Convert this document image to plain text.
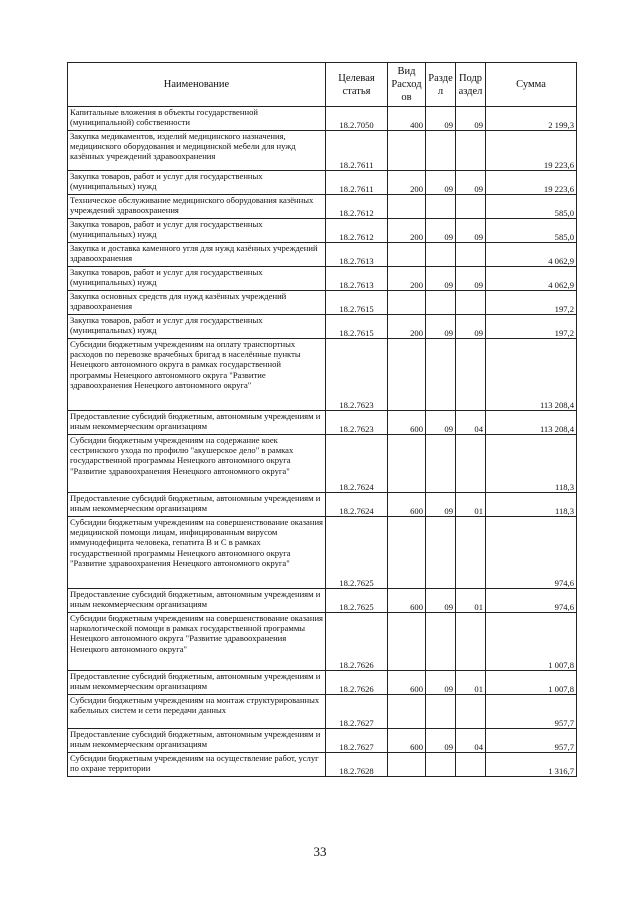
Наименование	Целевая статья	Вид Расход ов	Разде л	Подр аздел	Сумма
Капитальные вложения в объекты государственной (муниципальной) собственности	18.2.7050	400	09	09	2 199,3
Закупка медикаментов, изделий медицинского назначения, медицинского оборудования и медицинской мебели для нужд казённых учреждений здравоохранения	18.2.7611				19 223,6
Закупка товаров, работ и услуг для государственных (муниципальных) нужд	18.2.7611	200	09	09	19 223,6
Техническое обслуживание медицинского оборудования казённых учреждений здравоохранения	18.2.7612				585,0
Закупка товаров, работ и услуг для государственных (муниципальных) нужд	18.2.7612	200	09	09	585,0
Закупка и доставка каменного угля для нужд казённых учреждений здравоохранения	18.2.7613				4 062,9
Закупка товаров, работ и услуг для государственных (муниципальных) нужд	18.2.7613	200	09	09	4 062,9
Закупка основных средств для нужд казённых учреждений здравоохранения	18.2.7615				197,2
Закупка товаров, работ и услуг для государственных (муниципальных) нужд	18.2.7615	200	09	09	197,2
Субсидии бюджетным учреждениям на оплату транспортных расходов по перевозке врачебных бригад в населённые пункты Ненецкого автономного округа в рамках государственной программы Ненецкого автономного округа "Развитие здравоохранения Ненецкого автономного округа"	18.2.7623				113 208,4
Предоставление субсидий бюджетным, автономным учреждениям и иным некоммерческим организациям	18.2.7623	600	09	04	113 208,4
Субсидии бюджетным учреждениям на содержание коек сестринского ухода по профилю "акушерское дело" в рамках государственной программы Ненецкого автономного округа "Развитие здравоохранения Ненецкого автономного округа"	18.2.7624				118,3
Предоставление субсидий бюджетным, автономным учреждениям и иным некоммерческим организациям	18.2.7624	600	09	01	118,3
Субсидии бюджетным учреждениям на совершенствование оказания медицинской помощи лицам, инфицированным вирусом иммунодефицита человека, гепатита В и С в рамках государственной программы Ненецкого автономного округа "Развитие здравоохранения Ненецкого автономного округа"	18.2.7625				974,6
Предоставление субсидий бюджетным, автономным учреждениям и иным некоммерческим организациям	18.2.7625	600	09	01	974,6
Субсидии бюджетным учреждениям на совершенствование оказания наркологической помощи в рамках государственной программы Ненецкого автономного округа "Развитие здравоохранения Ненецкого автономного округа"	18.2.7626				1 007,8
Предоставление субсидий бюджетным, автономным учреждениям и иным некоммерческим организациям	18.2.7626	600	09	01	1 007,8
Субсидии бюджетным учреждениям на монтаж структурированных кабельных систем и сети передачи данных	18.2.7627				957,7
Предоставление субсидий бюджетным, автономным учреждениям и иным некоммерческим организациям	18.2.7627	600	09	04	957,7
Субсидии бюджетным учреждениям на осуществление работ, услуг по охране территории	18.2.7628				1 316,7
33
